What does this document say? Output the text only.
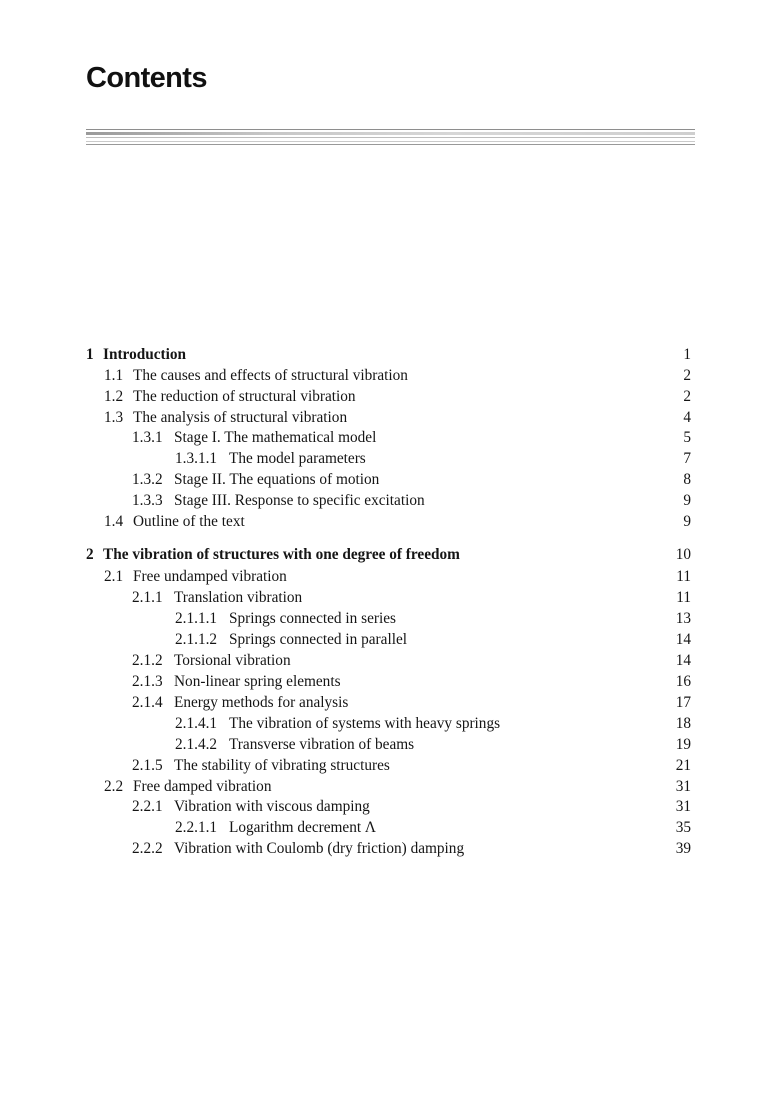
Contents
1 Introduction	1
1.1 The causes and effects of structural vibration	2
1.2 The reduction of structural vibration	2
1.3 The analysis of structural vibration	4
1.3.1 Stage I. The mathematical model	5
1.3.1.1 The model parameters	7
1.3.2 Stage II. The equations of motion	8
1.3.3 Stage III. Response to specific excitation	9
1.4 Outline of the text	9
2 The vibration of structures with one degree of freedom	10
2.1 Free undamped vibration	11
2.1.1 Translation vibration	11
2.1.1.1 Springs connected in series	13
2.1.1.2 Springs connected in parallel	14
2.1.2 Torsional vibration	14
2.1.3 Non-linear spring elements	16
2.1.4 Energy methods for analysis	17
2.1.4.1 The vibration of systems with heavy springs	18
2.1.4.2 Transverse vibration of beams	19
2.1.5 The stability of vibrating structures	21
2.2 Free damped vibration	31
2.2.1 Vibration with viscous damping	31
2.2.1.1 Logarithm decrement Λ	35
2.2.2 Vibration with Coulomb (dry friction) damping	39
